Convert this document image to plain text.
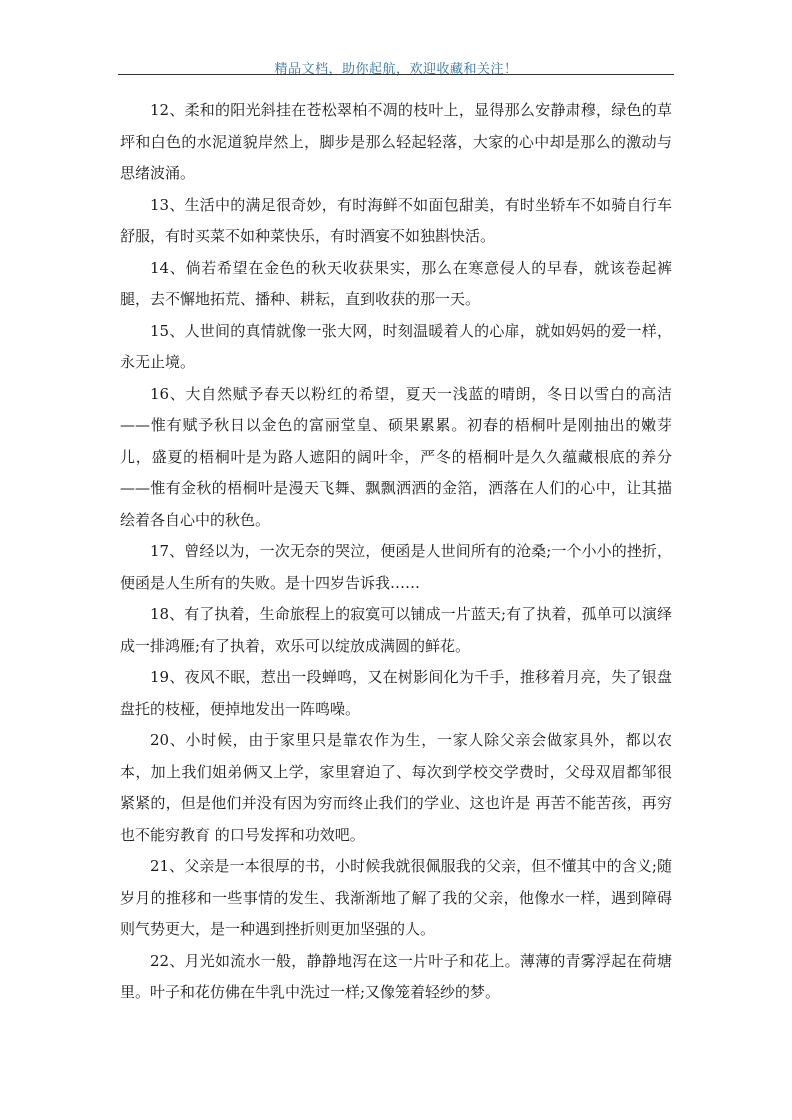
精品文档，助你起航，欢迎收藏和关注！

12、柔和的阳光斜挂在苍松翠柏不凋的枝叶上，显得那么安静肃穆，绿色的草坪和白色的水泥道貌岸然上，脚步是那么轻起轻落，大家的心中却是那么的激动与思绪波涌。

13、生活中的满足很奇妙，有时海鲜不如面包甜美，有时坐轿车不如骑自行车舒服，有时买菜不如种菜快乐，有时酒宴不如独斟快活。

14、倘若希望在金色的秋天收获果实，那么在寒意侵人的早春，就该卷起裤腿，去不懈地拓荒、播种、耕耘，直到收获的那一天。

15、人世间的真情就像一张大网，时刻温暖着人的心扉，就如妈妈的爱一样，永无止境。

16、大自然赋予春天以粉红的希望，夏天一浅蓝的晴朗，冬日以雪白的高洁——惟有赋予秋日以金色的富丽堂皇、硕果累累。初春的梧桐叶是刚抽出的嫩芽儿，盛夏的梧桐叶是为路人遮阳的阔叶伞，严冬的梧桐叶是久久蕴藏根底的养分——惟有金秋的梧桐叶是漫天飞舞、飘飘洒洒的金箔，洒落在人们的心中，让其描绘着各自心中的秋色。

17、曾经以为，一次无奈的哭泣，便函是人世间所有的沧桑;一个小小的挫折，便函是人生所有的失败。是十四岁告诉我……

18、有了执着，生命旅程上的寂寞可以铺成一片蓝天;有了执着，孤单可以演绎成一排鸿雁;有了执着，欢乐可以绽放成满圆的鲜花。

19、夜风不眠，惹出一段蝉鸣，又在树影间化为千手，推移着月亮，失了银盘盘托的枝桠，便掉地发出一阵鸣噪。

20、小时候，由于家里只是靠农作为生，一家人除父亲会做家具外，都以农本，加上我们姐弟俩又上学，家里窘迫了、每次到学校交学费时，父母双眉都邹很紧紧的，但是他们并没有因为穷而终止我们的学业、这也许是 再苦不能苦孩，再穷也不能穷教育 的口号发挥和功效吧。

21、父亲是一本很厚的书，小时候我就很佩服我的父亲，但不懂其中的含义;随岁月的推移和一些事情的发生、我渐渐地了解了我的父亲，他像水一样，遇到障碍则气势更大，是一种遇到挫折则更加坚强的人。

22、月光如流水一般，静静地泻在这一片叶子和花上。薄薄的青雾浮起在荷塘里。叶子和花仿佛在牛乳中洗过一样;又像笼着轻纱的梦。
